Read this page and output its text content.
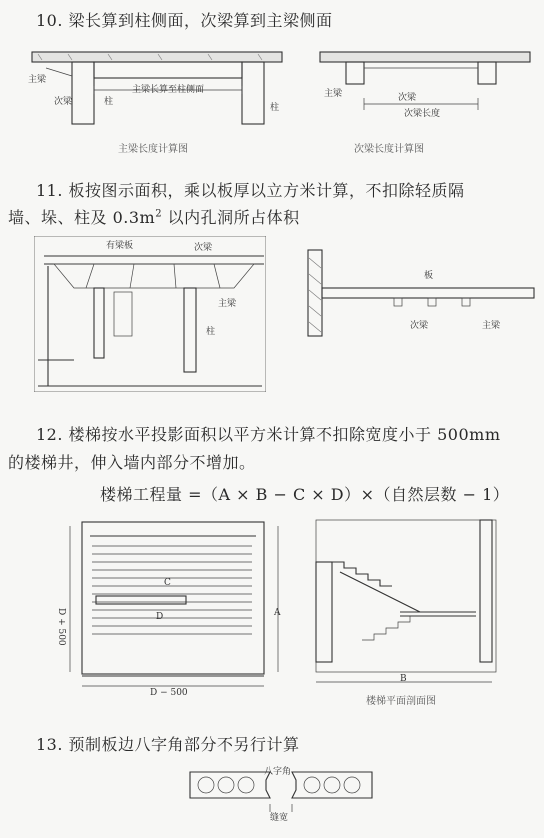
10. 梁长算到柱侧面，次梁算到主梁侧面
主梁
次梁	柱
主梁长算至柱侧面
柱
主梁长度计算图
主梁	次梁
次梁长度
次梁长度计算图
11. 板按图示面积，乘以板厚以立方米计算，不扣除轻质隔
墙、垛、柱及 $0.3m^2$ 以内孔洞所占体积
有梁板	次梁
主梁
柱
板
次梁	主梁
12. 楼梯按水平投影面积以平方米计算不扣除宽度小于 500mm
的楼梯井，伸入墙内部分不增加。
楼梯工程量 =（A × B − C × D）×（自然层数 − 1）
C
D	A
D + 500
D − 500
B
楼梯平面剖面图
13. 预制板边八字角部分不另行计算
八字角
缝宽
